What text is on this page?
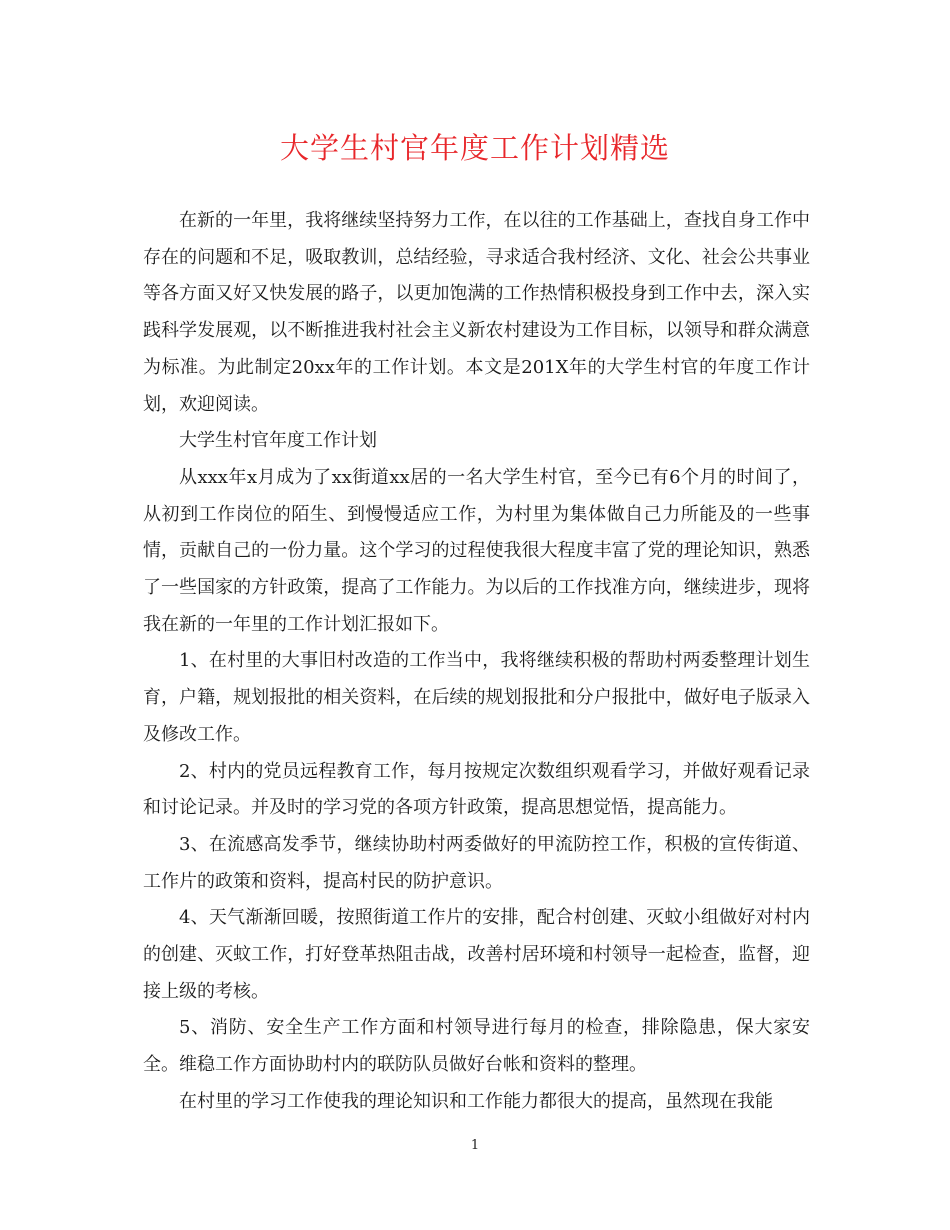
大学生村官年度工作计划精选

在新的一年里，我将继续坚持努力工作，在以往的工作基础上，查找自身工作中存在的问题和不足，吸取教训，总结经验，寻求适合我村经济、文化、社会公共事业等各方面又好又快发展的路子，以更加饱满的工作热情积极投身到工作中去，深入实践科学发展观，以不断推进我村社会主义新农村建设为工作目标，以领导和群众满意为标准。为此制定20xx年的工作计划。本文是201X年的大学生村官的年度工作计划，欢迎阅读。

大学生村官年度工作计划

从xxx年x月成为了xx街道xx居的一名大学生村官，至今已有6个月的时间了，从初到工作岗位的陌生、到慢慢适应工作，为村里为集体做自己力所能及的一些事情，贡献自己的一份力量。这个学习的过程使我很大程度丰富了党的理论知识，熟悉了一些国家的方针政策，提高了工作能力。为以后的工作找准方向，继续进步，现将我在新的一年里的工作计划汇报如下。

1、在村里的大事旧村改造的工作当中，我将继续积极的帮助村两委整理计划生育，户籍，规划报批的相关资料，在后续的规划报批和分户报批中，做好电子版录入及修改工作。

2、村内的党员远程教育工作，每月按规定次数组织观看学习，并做好观看记录和讨论记录。并及时的学习党的各项方针政策，提高思想觉悟，提高能力。

3、在流感高发季节，继续协助村两委做好的甲流防控工作，积极的宣传街道、工作片的政策和资料，提高村民的防护意识。

4、天气渐渐回暖，按照街道工作片的安排，配合村创建、灭蚊小组做好对村内的创建、灭蚊工作，打好登革热阻击战，改善村居环境和村领导一起检查，监督，迎接上级的考核。

5、消防、安全生产工作方面和村领导进行每月的检查，排除隐患，保大家安全。维稳工作方面协助村内的联防队员做好台帐和资料的整理。

在村里的学习工作使我的理论知识和工作能力都很大的提高，虽然现在我能

1
